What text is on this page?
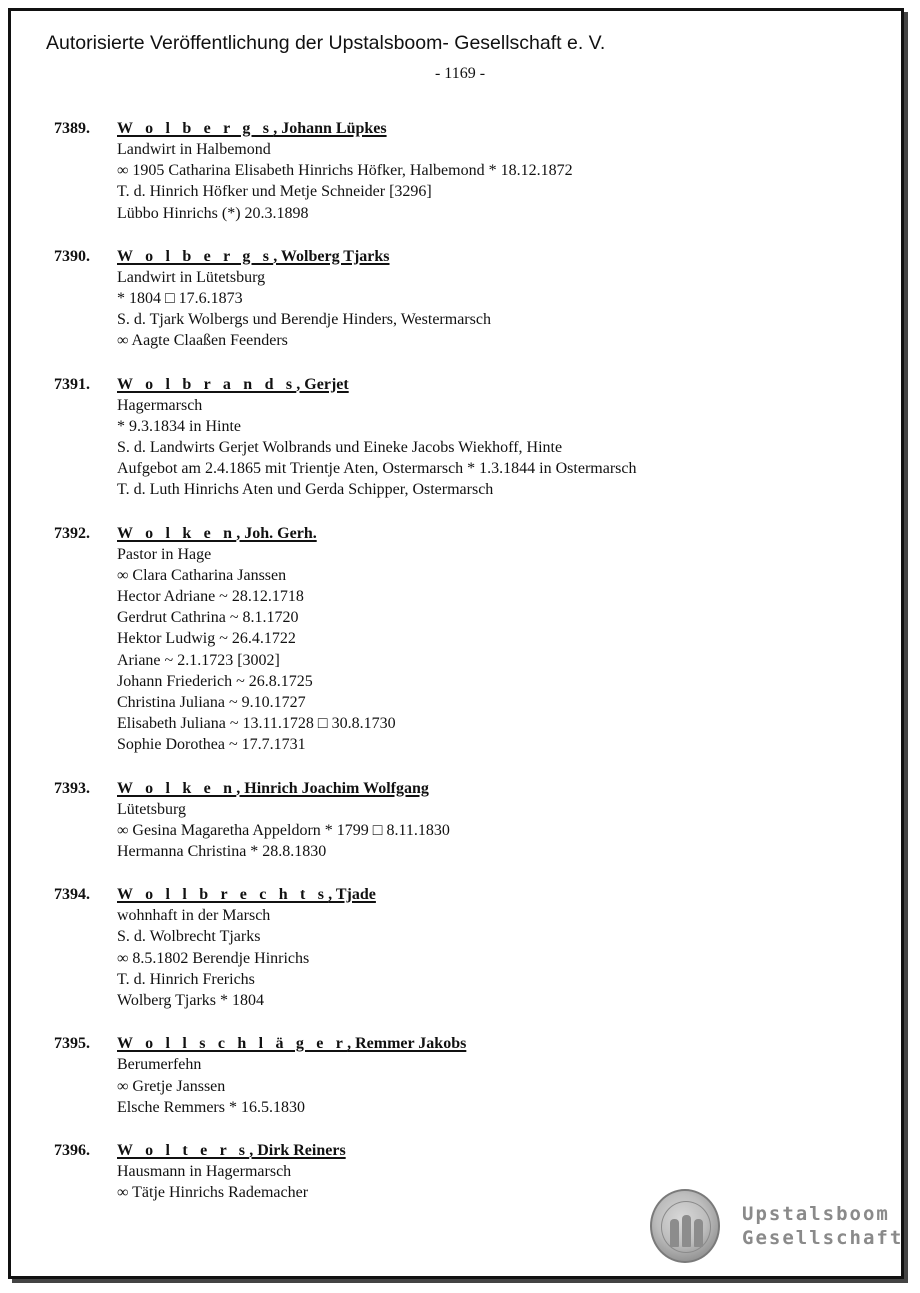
Autorisierte Veröffentlichung der Upstalsboom- Gesellschaft e. V.
- 1169 -
7389.	W o l b e r g s, Johann Lüpkes
Landwirt in Halbemond
∞ 1905 Catharina Elisabeth Hinrichs Höfker, Halbemond * 18.12.1872
T. d. Hinrich Höfker und Metje Schneider [3296]
Lübbo Hinrichs (*) 20.3.1898
7390.	W o l b e r g s, Wolberg Tjarks
Landwirt in Lütetsburg
* 1804 □ 17.6.1873
S. d. Tjark Wolbergs und Berendje Hinders, Westermarsch
∞ Aagte Claaßen Feenders
7391.	W o l b r a n d s, Gerjet
Hagermarsch
* 9.3.1834 in Hinte
S. d. Landwirts Gerjet Wolbrands und Eineke Jacobs Wiekhoff, Hinte
Aufgebot am 2.4.1865 mit Trientje Aten, Ostermarsch * 1.3.1844 in Ostermarsch
T. d. Luth Hinrichs Aten und Gerda Schipper, Ostermarsch
7392.	W o l k e n, Joh. Gerh.
Pastor in Hage
∞ Clara Catharina Janssen
Hector Adriane ~ 28.12.1718
Gerdrut Cathrina ~ 8.1.1720
Hektor Ludwig ~ 26.4.1722
Ariane ~ 2.1.1723 [3002]
Johann Friederich ~ 26.8.1725
Christina Juliana ~ 9.10.1727
Elisabeth Juliana ~ 13.11.1728 □ 30.8.1730
Sophie Dorothea ~ 17.7.1731
7393.	W o l k e n, Hinrich Joachim Wolfgang
Lütetsburg
∞ Gesina Magaretha Appeldorn * 1799 □ 8.11.1830
Hermanna Christina * 28.8.1830
7394.	W o l l b r e c h t s, Tjade
wohnhaft in der Marsch
S. d. Wolbrecht Tjarks
∞ 8.5.1802 Berendje Hinrichs
T. d. Hinrich Frerichs
Wolberg Tjarks * 1804
7395.	W o l l s c h l ä g e r, Remmer Jakobs
Berumerfehn
∞ Gretje Janssen
Elsche Remmers * 16.5.1830
7396.	W o l t e r s, Dirk Reiners
Hausmann in Hagermarsch
∞ Tätje Hinrichs Rademacher
Upstalsboom
Gesellschaft
